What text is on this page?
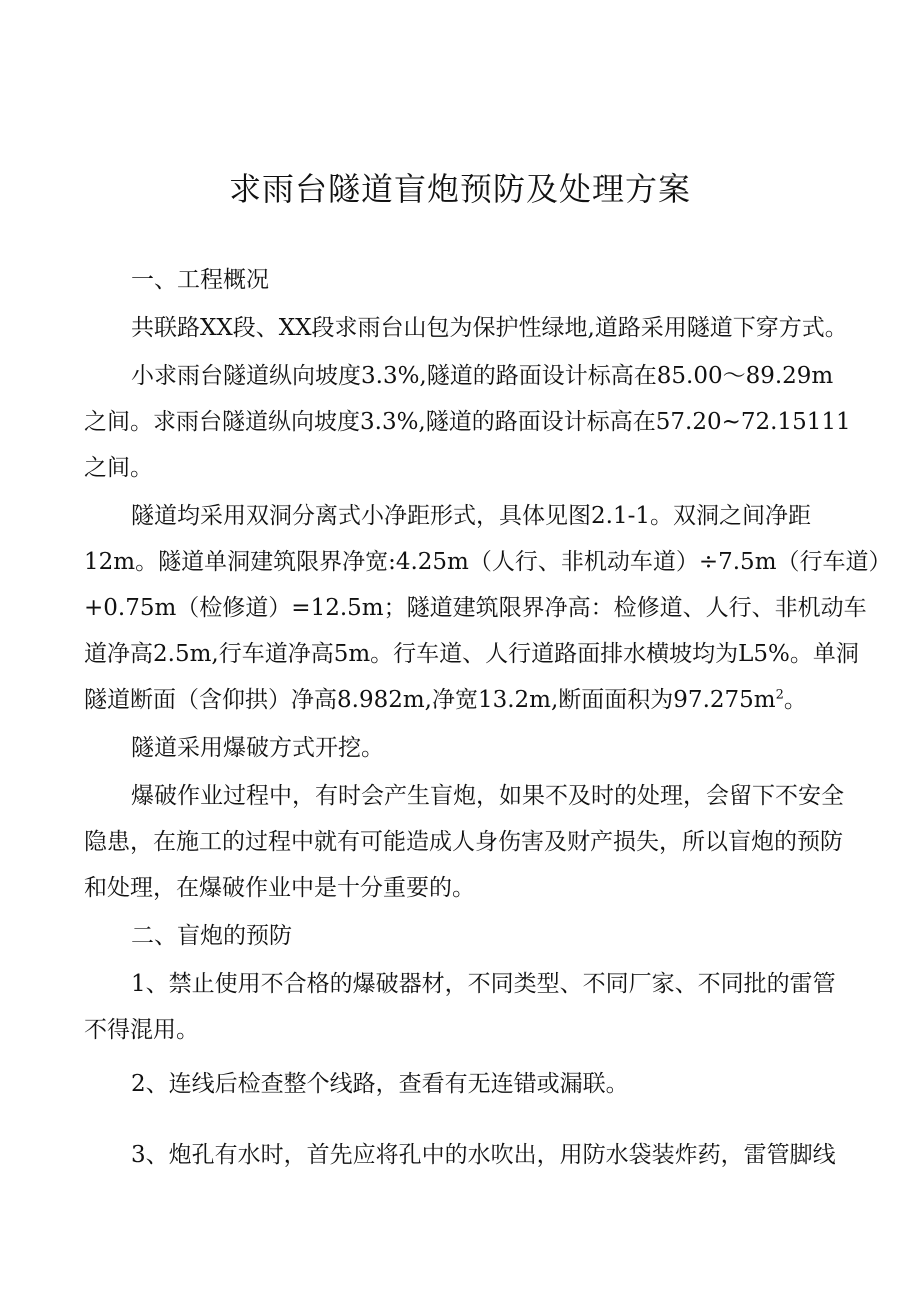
求雨台隧道盲炮预防及处理方案
一、工程概况
共联路XX段、XX段求雨台山包为保护性绿地,道路采用隧道下穿方式。
小求雨台隧道纵向坡度3.3%,隧道的路面设计标高在85.00～89.29m
之间。求雨台隧道纵向坡度3.3%,隧道的路面设计标高在57.20~72.15111
之间。
隧道均采用双洞分离式小净距形式，具体见图2.1-1。双洞之间净距
12m。隧道单洞建筑限界净宽:4.25m（人行、非机动车道）÷7.5m（行车道）
+0.75m（检修道）=12.5m；隧道建筑限界净高：检修道、人行、非机动车
道净高2.5m,行车道净高5m。行车道、人行道路面排水横坡均为L5%。单洞
隧道断面（含仰拱）净高8.982m,净宽13.2m,断面面积为$97.275m^2$。
隧道采用爆破方式开挖。
爆破作业过程中，有时会产生盲炮，如果不及时的处理，会留下不安全
隐患，在施工的过程中就有可能造成人身伤害及财产损失，所以盲炮的预防
和处理，在爆破作业中是十分重要的。
二、盲炮的预防
1、禁止使用不合格的爆破器材，不同类型、不同厂家、不同批的雷管
不得混用。
2、连线后检查整个线路，查看有无连错或漏联。
3、炮孔有水时，首先应将孔中的水吹出，用防水袋装炸药，雷管脚线
